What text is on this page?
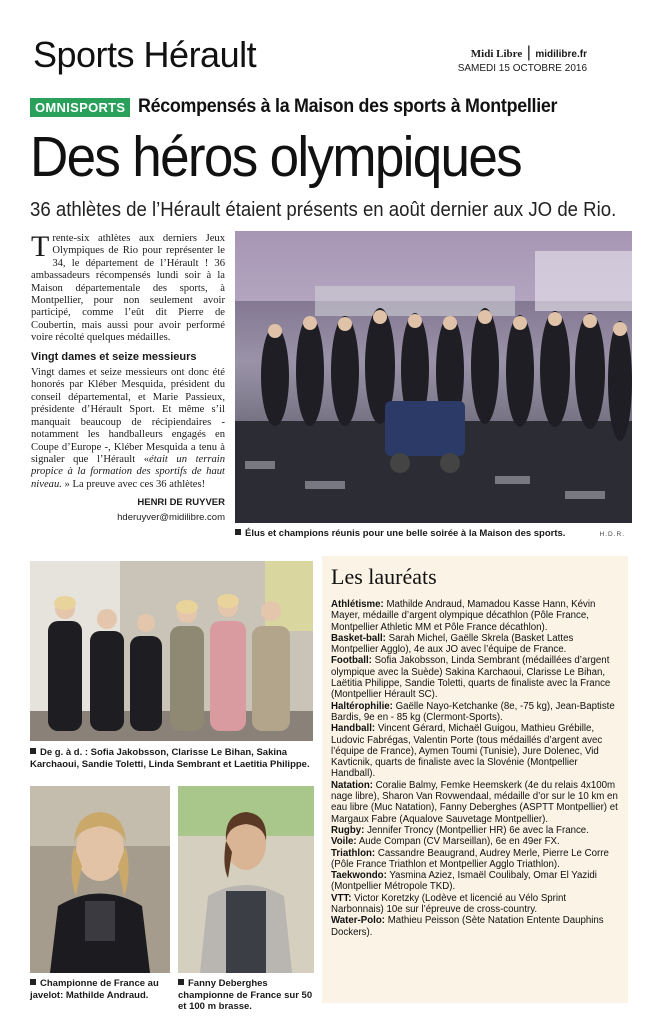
Sports Hérault	Midi Libre | midilibre.fr
SAMEDI 15 OCTOBRE 2016
OMNISPORTS Récompensés à la Maison des sports à Montpellier
Des héros olympiques
36 athlètes de l’Hérault étaient présents en août dernier aux JO de Rio.

Trente-six athlètes aux derniers Jeux Olympiques de Rio pour représenter le 34, le département de l’Hérault ! 36 ambassadeurs récompensés lundi soir à la Maison départementale des sports, à Montpellier, pour non seulement avoir participé, comme l’eût dit Pierre de Coubertin, mais aussi pour avoir performé voire récolté quelques médailles.

Vingt dames et seize messieurs

Vingt dames et seize messieurs ont donc été honorés par Kléber Mesquida, président du conseil départemental, et Marie Passieux, présidente d’Hérault Sport. Et même s’il manquait beaucoup de récipiendaires - notamment les handballeurs engagés en Coupe d’Europe -, Kléber Mesquida a tenu à signaler que l’Hérault «était un terrain propice à la formation des sportifs de haut niveau. » La preuve avec ces 36 athlètes!

HENRI DE RUYVER
hderuyver@midilibre.com
Élus et champions réunis pour une belle soirée à la Maison des sports.	H.D.R.
De g. à d. : Sofia Jakobsson, Clarisse Le Bihan, Sakina Karchaoui, Sandie Toletti, Linda Sembrant et Laetitia Philippe.
Championne de France au javelot: Mathilde Andraud.
Fanny Deberghes championne de France sur 50 et 100 m brasse.
Les lauréats
Athlétisme: Mathilde Andraud, Mamadou Kasse Hann, Kévin Mayer, médaille d’argent olympique décathlon (Pôle France, Montpellier Athletic MM et Pôle France décathlon).
Basket-ball: Sarah Michel, Gaëlle Skrela (Basket Lattes Montpellier Agglo), 4e aux JO avec l’équipe de France.
Football: Sofia Jakobsson, Linda Sembrant (médaillées d’argent olympique avec la Suède) Sakina Karchaoui, Clarisse Le Bihan, Laëtitia Philippe, Sandie Toletti, quarts de finaliste avec la France (Montpellier Hérault SC).
Haltérophilie: Gaëlle Nayo-Ketchanke (8e, -75 kg), Jean-Baptiste Bardis, 9e en - 85 kg (Clermont-Sports).
Handball: Vincent Gérard, Michaël Guigou, Mathieu Grébille, Ludovic Fabrégas, Valentin Porte (tous médaillés d’argent avec l’équipe de France), Aymen Toumi (Tunisie), Jure Dolenec, Vid Kavticnik, quarts de finaliste avec la Slovénie (Montpellier Handball).
Natation: Coralie Balmy, Femke Heemskerk (4e du relais 4x100m nage libre), Sharon Van Rovwendaal, médaille d’or sur le 10 km en eau libre (Muc Natation), Fanny Deberghes (ASPTT Montpellier) et Margaux Fabre (Aqualove Sauvetage Montpellier).
Rugby: Jennifer Troncy (Montpellier HR) 6e avec la France.
Voile: Aude Compan (CV Marseillan), 6e en 49er FX.
Triathlon: Cassandre Beaugrand, Audrey Merle, Pierre Le Corre (Pôle France Triathlon et Montpellier Agglo Triathlon).
Taekwondo: Yasmina Aziez, Ismaël Coulibaly, Omar El Yazidi (Montpellier Métropole TKD).
VTT: Victor Koretzky (Lodève et licencié au Vélo Sprint Narbonnais) 10e sur l’épreuve de cross-country.
Water-Polo: Mathieu Peisson (Sète Natation Entente Dauphins Dockers).
